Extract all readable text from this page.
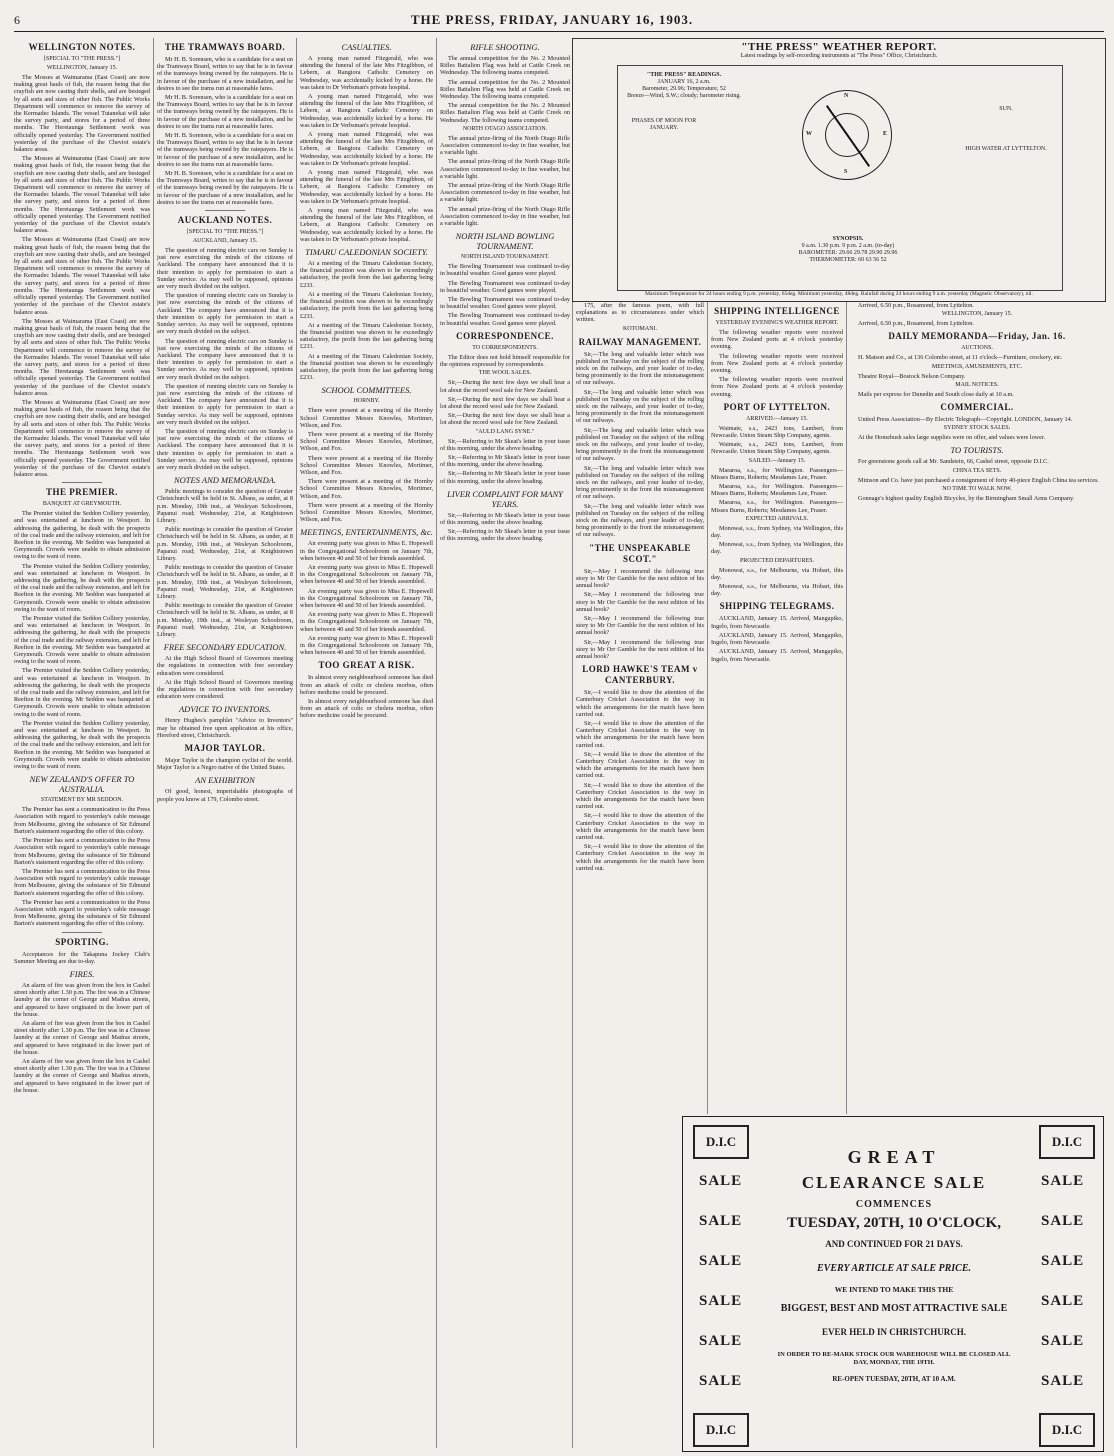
6	THE PRESS, FRIDAY, JANUARY 16, 1903.
WELLINGTON NOTES.
[SPECIAL TO "THE PRESS."]
WELLINGTON, January 15.

The Mosses at Waimarama (East Coast) are now making great hauls of fish, the reason being that the crayfish are now casting their shells, and are besieged by all sorts and sizes of other fish. The Public Works Department will commence to remove the survey of the Kermadec Islands. The vessel Tutanekai will take the survey party, and stores for a period of three months. The Heretaunga Settlement work was officially opened yesterday. The Government notified yesterday of the purchase of the Cheviot estate's balance areas.

The Mosses at Waimarama (East Coast) are now making great hauls of fish, the reason being that the crayfish are now casting their shells, and are besieged by all sorts and sizes of other fish. The Public Works Department will commence to remove the survey of the Kermadec Islands. The vessel Tutanekai will take the survey party, and stores for a period of three months. The Heretaunga Settlement work was officially opened yesterday. The Government notified yesterday of the purchase of the Cheviot estate's balance areas.

The Mosses at Waimarama (East Coast) are now making great hauls of fish, the reason being that the crayfish are now casting their shells, and are besieged by all sorts and sizes of other fish. The Public Works Department will commence to remove the survey of the Kermadec Islands. The vessel Tutanekai will take the survey party, and stores for a period of three months. The Heretaunga Settlement work was officially opened yesterday. The Government notified yesterday of the purchase of the Cheviot estate's balance areas.

The Mosses at Waimarama (East Coast) are now making great hauls of fish, the reason being that the crayfish are now casting their shells, and are besieged by all sorts and sizes of other fish. The Public Works Department will commence to remove the survey of the Kermadec Islands. The vessel Tutanekai will take the survey party, and stores for a period of three months. The Heretaunga Settlement work was officially opened yesterday. The Government notified yesterday of the purchase of the Cheviot estate's balance areas.

The Mosses at Waimarama (East Coast) are now making great hauls of fish, the reason being that the crayfish are now casting their shells, and are besieged by all sorts and sizes of other fish. The Public Works Department will commence to remove the survey of the Kermadec Islands. The vessel Tutanekai will take the survey party, and stores for a period of three months. The Heretaunga Settlement work was officially opened yesterday. The Government notified yesterday of the purchase of the Cheviot estate's balance areas.

THE PREMIER.
BANQUET AT GREYMOUTH.

The Premier visited the Seddon Colliery yesterday, and was entertained at luncheon in Westport. In addressing the gathering, he dealt with the prospects of the coal trade and the railway extension, and left for Reefton in the evening. Mr Seddon was banqueted at Greymouth. Crowds were unable to obtain admission owing to the want of room.

The Premier visited the Seddon Colliery yesterday, and was entertained at luncheon in Westport. In addressing the gathering, he dealt with the prospects of the coal trade and the railway extension, and left for Reefton in the evening. Mr Seddon was banqueted at Greymouth. Crowds were unable to obtain admission owing to the want of room.

The Premier visited the Seddon Colliery yesterday, and was entertained at luncheon in Westport. In addressing the gathering, he dealt with the prospects of the coal trade and the railway extension, and left for Reefton in the evening. Mr Seddon was banqueted at Greymouth. Crowds were unable to obtain admission owing to the want of room.

The Premier visited the Seddon Colliery yesterday, and was entertained at luncheon in Westport. In addressing the gathering, he dealt with the prospects of the coal trade and the railway extension, and left for Reefton in the evening. Mr Seddon was banqueted at Greymouth. Crowds were unable to obtain admission owing to the want of room.

The Premier visited the Seddon Colliery yesterday, and was entertained at luncheon in Westport. In addressing the gathering, he dealt with the prospects of the coal trade and the railway extension, and left for Reefton in the evening. Mr Seddon was banqueted at Greymouth. Crowds were unable to obtain admission owing to the want of room.

NEW ZEALAND'S OFFER TO AUSTRALIA.
STATEMENT BY MR SEDDON.

The Premier has sent a communication to the Press Association with regard to yesterday's cable message from Melbourne, giving the substance of Sir Edmund Barton's statement regarding the offer of this colony.

The Premier has sent a communication to the Press Association with regard to yesterday's cable message from Melbourne, giving the substance of Sir Edmund Barton's statement regarding the offer of this colony.

The Premier has sent a communication to the Press Association with regard to yesterday's cable message from Melbourne, giving the substance of Sir Edmund Barton's statement regarding the offer of this colony.

The Premier has sent a communication to the Press Association with regard to yesterday's cable message from Melbourne, giving the substance of Sir Edmund Barton's statement regarding the offer of this colony.

SPORTING.

Acceptances for the Takapuna Jockey Club's Summer Meeting are due to-day.

FIRES.

An alarm of fire was given from the box in Cashel street shortly after 1.30 p.m. The fire was in a Chinese laundry at the corner of George and Madras streets, and appeared to have originated in the lower part of the house.

An alarm of fire was given from the box in Cashel street shortly after 1.30 p.m. The fire was in a Chinese laundry at the corner of George and Madras streets, and appeared to have originated in the lower part of the house.

An alarm of fire was given from the box in Cashel street shortly after 1.30 p.m. The fire was in a Chinese laundry at the corner of George and Madras streets, and appeared to have originated in the lower part of the house.

THE TRAMWAYS BOARD.

Mr H. B. Sorensen, who is a candidate for a seat on the Tramways Board, writes to say that he is in favour of the tramways being owned by the ratepayers. He is in favour of the purchase of a new installation, and he desires to see the trams run at reasonable fares.

Mr H. B. Sorensen, who is a candidate for a seat on the Tramways Board, writes to say that he is in favour of the tramways being owned by the ratepayers. He is in favour of the purchase of a new installation, and he desires to see the trams run at reasonable fares.

Mr H. B. Sorensen, who is a candidate for a seat on the Tramways Board, writes to say that he is in favour of the tramways being owned by the ratepayers. He is in favour of the purchase of a new installation, and he desires to see the trams run at reasonable fares.

Mr H. B. Sorensen, who is a candidate for a seat on the Tramways Board, writes to say that he is in favour of the tramways being owned by the ratepayers. He is in favour of the purchase of a new installation, and he desires to see the trams run at reasonable fares.

AUCKLAND NOTES.
[SPECIAL TO "THE PRESS."]
AUCKLAND, January 15.

The question of running electric cars on Sunday is just now exercising the minds of the citizens of Auckland. The company have announced that it is their intention to apply for permission to start a Sunday service. As may well be supposed, opinions are very much divided on the subject.

The question of running electric cars on Sunday is just now exercising the minds of the citizens of Auckland. The company have announced that it is their intention to apply for permission to start a Sunday service. As may well be supposed, opinions are very much divided on the subject.

The question of running electric cars on Sunday is just now exercising the minds of the citizens of Auckland. The company have announced that it is their intention to apply for permission to start a Sunday service. As may well be supposed, opinions are very much divided on the subject.

The question of running electric cars on Sunday is just now exercising the minds of the citizens of Auckland. The company have announced that it is their intention to apply for permission to start a Sunday service. As may well be supposed, opinions are very much divided on the subject.

The question of running electric cars on Sunday is just now exercising the minds of the citizens of Auckland. The company have announced that it is their intention to apply for permission to start a Sunday service. As may well be supposed, opinions are very much divided on the subject.

NOTES AND MEMORANDA.

Public meetings to consider the question of Greater Christchurch will be held in St. Albans, as under, at 8 p.m. Monday, 19th inst., at Wesleyan Schoolroom, Papanui road; Wednesday, 21st, at Knightstown Library.

Public meetings to consider the question of Greater Christchurch will be held in St. Albans, as under, at 8 p.m. Monday, 19th inst., at Wesleyan Schoolroom, Papanui road; Wednesday, 21st, at Knightstown Library.

Public meetings to consider the question of Greater Christchurch will be held in St. Albans, as under, at 8 p.m. Monday, 19th inst., at Wesleyan Schoolroom, Papanui road; Wednesday, 21st, at Knightstown Library.

Public meetings to consider the question of Greater Christchurch will be held in St. Albans, as under, at 8 p.m. Monday, 19th inst., at Wesleyan Schoolroom, Papanui road; Wednesday, 21st, at Knightstown Library.

FREE SECONDARY EDUCATION.

At the High School Board of Governors meeting the regulations in connection with free secondary education were considered.

At the High School Board of Governors meeting the regulations in connection with free secondary education were considered.

ADVICE TO INVENTORS.

Henry Hughes's pamphlet "Advice to Inventors" may be obtained free upon application at his office, Hereford street, Christchurch.

MAJOR TAYLOR.

Major Taylor is the champion cyclist of the world. Major Taylor is a Negro native of the United States.

AN EXHIBITION

Of good, honest, imperishable photographs of people you know at 179, Colombo street.

CASUALTIES.

A young man named Fitzgerald, who was attending the funeral of the late Mrs Fitzgibbon, of Lebern, at Rangiora Catholic Cemetery on Wednesday, was accidentally kicked by a horse. He was taken to Dr Verbsman's private hospital.

A young man named Fitzgerald, who was attending the funeral of the late Mrs Fitzgibbon, of Lebern, at Rangiora Catholic Cemetery on Wednesday, was accidentally kicked by a horse. He was taken to Dr Verbsman's private hospital.

A young man named Fitzgerald, who was attending the funeral of the late Mrs Fitzgibbon, of Lebern, at Rangiora Catholic Cemetery on Wednesday, was accidentally kicked by a horse. He was taken to Dr Verbsman's private hospital.

A young man named Fitzgerald, who was attending the funeral of the late Mrs Fitzgibbon, of Lebern, at Rangiora Catholic Cemetery on Wednesday, was accidentally kicked by a horse. He was taken to Dr Verbsman's private hospital.

A young man named Fitzgerald, who was attending the funeral of the late Mrs Fitzgibbon, of Lebern, at Rangiora Catholic Cemetery on Wednesday, was accidentally kicked by a horse. He was taken to Dr Verbsman's private hospital.

TIMARU CALEDONIAN SOCIETY.

At a meeting of the Timaru Caledonian Society, the financial position was shown to be exceedingly satisfactory, the profit from the last gathering being £233.

At a meeting of the Timaru Caledonian Society, the financial position was shown to be exceedingly satisfactory, the profit from the last gathering being £233.

At a meeting of the Timaru Caledonian Society, the financial position was shown to be exceedingly satisfactory, the profit from the last gathering being £233.

At a meeting of the Timaru Caledonian Society, the financial position was shown to be exceedingly satisfactory, the profit from the last gathering being £233.

SCHOOL COMMITTEES.
HORNBY.

There were present at a meeting of the Hornby School Committee Messrs Knowles, Mortimer, Wilson, and Fox.

There were present at a meeting of the Hornby School Committee Messrs Knowles, Mortimer, Wilson, and Fox.

There were present at a meeting of the Hornby School Committee Messrs Knowles, Mortimer, Wilson, and Fox.

There were present at a meeting of the Hornby School Committee Messrs Knowles, Mortimer, Wilson, and Fox.

There were present at a meeting of the Hornby School Committee Messrs Knowles, Mortimer, Wilson, and Fox.

MEETINGS, ENTERTAINMENTS, &c.

An evening party was given to Miss E. Hopewell in the Congregational Schoolroom on January 7th, when between 40 and 50 of her friends assembled.

An evening party was given to Miss E. Hopewell in the Congregational Schoolroom on January 7th, when between 40 and 50 of her friends assembled.

An evening party was given to Miss E. Hopewell in the Congregational Schoolroom on January 7th, when between 40 and 50 of her friends assembled.

An evening party was given to Miss E. Hopewell in the Congregational Schoolroom on January 7th, when between 40 and 50 of her friends assembled.

An evening party was given to Miss E. Hopewell in the Congregational Schoolroom on January 7th, when between 40 and 50 of her friends assembled.

TOO GREAT A RISK.

In almost every neighbourhood someone has died from an attack of colic or cholera morbus, often before medicine could be procured.

In almost every neighbourhood someone has died from an attack of colic or cholera morbus, often before medicine could be procured.

RIFLE SHOOTING.

The annual competition for the No. 2 Mounted Rifles Battalion Flag was held at Cattle Creek on Wednesday. The following teams competed.

The annual competition for the No. 2 Mounted Rifles Battalion Flag was held at Cattle Creek on Wednesday. The following teams competed.

The annual competition for the No. 2 Mounted Rifles Battalion Flag was held at Cattle Creek on Wednesday. The following teams competed.

NORTH OTAGO ASSOCIATION.

The annual prize-firing of the North Otago Rifle Association commenced to-day in fine weather, but a variable light.

The annual prize-firing of the North Otago Rifle Association commenced to-day in fine weather, but a variable light.

The annual prize-firing of the North Otago Rifle Association commenced to-day in fine weather, but a variable light.

The annual prize-firing of the North Otago Rifle Association commenced to-day in fine weather, but a variable light.

NORTH ISLAND BOWLING TOURNAMENT.
NORTH ISLAND TOURNAMENT.

The Bowling Tournament was continued to-day in beautiful weather. Good games were played.

The Bowling Tournament was continued to-day in beautiful weather. Good games were played.

The Bowling Tournament was continued to-day in beautiful weather. Good games were played.

The Bowling Tournament was continued to-day in beautiful weather. Good games were played.

CORRESPONDENCE.
TO CORRESPONDENTS.

The Editor does not hold himself responsible for the opinions expressed by correspondents.

THE WOOL SALES.

Sir,—During the next few days we shall hear a lot about the record wool sale for New Zealand.

Sir,—During the next few days we shall hear a lot about the record wool sale for New Zealand.

Sir,—During the next few days we shall hear a lot about the record wool sale for New Zealand.

"AULD LANG SYNE."

Sir,—Referring to Mr Skeat's letter in your issue of this morning, under the above heading.

Sir,—Referring to Mr Skeat's letter in your issue of this morning, under the above heading.

Sir,—Referring to Mr Skeat's letter in your issue of this morning, under the above heading.

LIVER COMPLAINT FOR MANY YEARS.

Sir,—Referring to Mr Skeat's letter in your issue of this morning, under the above heading.

Sir,—Referring to Mr Skeat's letter in your issue of this morning, under the above heading.

"THE PRESS" WEATHER REPORT.
Latest readings by self-recording instruments at "The Press" Office, Christchurch.
"THE PRESS" READINGS.
JANUARY 16, 2 a.m.
Barometer, 29.96; Temperature, 52
Breeze—Wind, S.W.; cloudy; barometer rising.
PHASES OF MOON FOR JANUARY.
SUN.
HIGH WATER AT LYTTELTON.
N
S
E
W
SYNOPSIS.
9 a.m. 1.30 p.m. 9 p.m. 2 a.m. (to-day)
BAROMETER: 29.66 29.78 29.90 29.96
THERMOMETER: 60 63 56 52
Maximum Temperature for 24 hours ending 9 p.m. yesterday, 65deg. Minimum yesterday, 48deg. Rainfall during 24 hours ending 9 a.m. yesterday (Magnetic Observatory), nil.

175, after the famous poem, with full explanations as to circumstances under which written.

KOTOMANI.
RAILWAY MANAGEMENT.

Sir,—The long and valuable letter which was published on Tuesday on the subject of the rolling stock on the railways, and your leader of to-day, bring prominently to the front the mismanagement of our railways.

Sir,—The long and valuable letter which was published on Tuesday on the subject of the rolling stock on the railways, and your leader of to-day, bring prominently to the front the mismanagement of our railways.

Sir,—The long and valuable letter which was published on Tuesday on the subject of the rolling stock on the railways, and your leader of to-day, bring prominently to the front the mismanagement of our railways.

Sir,—The long and valuable letter which was published on Tuesday on the subject of the rolling stock on the railways, and your leader of to-day, bring prominently to the front the mismanagement of our railways.

Sir,—The long and valuable letter which was published on Tuesday on the subject of the rolling stock on the railways, and your leader of to-day, bring prominently to the front the mismanagement of our railways.

"THE UNSPEAKABLE SCOT."

Sir,—May I recommend the following true story to Mr Orr Gamble for the next edition of his annual book?

Sir,—May I recommend the following true story to Mr Orr Gamble for the next edition of his annual book?

Sir,—May I recommend the following true story to Mr Orr Gamble for the next edition of his annual book?

Sir,—May I recommend the following true story to Mr Orr Gamble for the next edition of his annual book?

LORD HAWKE'S TEAM v CANTERBURY.

Sir,—I would like to draw the attention of the Canterbury Cricket Association to the way in which the arrangements for the match have been carried out.

Sir,—I would like to draw the attention of the Canterbury Cricket Association to the way in which the arrangements for the match have been carried out.

Sir,—I would like to draw the attention of the Canterbury Cricket Association to the way in which the arrangements for the match have been carried out.

Sir,—I would like to draw the attention of the Canterbury Cricket Association to the way in which the arrangements for the match have been carried out.

Sir,—I would like to draw the attention of the Canterbury Cricket Association to the way in which the arrangements for the match have been carried out.

Sir,—I would like to draw the attention of the Canterbury Cricket Association to the way in which the arrangements for the match have been carried out.

SHIPPING INTELLIGENCE
YESTERDAY EVENING'S WEATHER REPORT.

The following weather reports were received from New Zealand ports at 4 o'clock yesterday evening.

The following weather reports were received from New Zealand ports at 4 o'clock yesterday evening.

The following weather reports were received from New Zealand ports at 4 o'clock yesterday evening.

PORT OF LYTTELTON.
ARRIVED.—January 15.

Waimate, s.s., 2423 tons, Lambert, from Newcastle. Union Steam Ship Company, agents.

Waimate, s.s., 2423 tons, Lambert, from Newcastle. Union Steam Ship Company, agents.

SAILED.—January 15.

Mararoa, s.s., for Wellington. Passengers—Misses Burns, Roberts; Mesdames Lee, Fraser.

Mararoa, s.s., for Wellington. Passengers—Misses Burns, Roberts; Mesdames Lee, Fraser.

Mararoa, s.s., for Wellington. Passengers—Misses Burns, Roberts; Mesdames Lee, Fraser.

EXPECTED ARRIVALS.

Monowai, s.s., from Sydney, via Wellington, this day.

Monowai, s.s., from Sydney, via Wellington, this day.

PROJECTED DEPARTURES.

Monowai, s.s., for Melbourne, via Hobart, this day.

Monowai, s.s., for Melbourne, via Hobart, this day.

SHIPPING TELEGRAMS.

AUCKLAND, January 15. Arrived, Mangapiko, Ingelo, from Newcastle.

AUCKLAND, January 15. Arrived, Mangapiko, Ingelo, from Newcastle.

AUCKLAND, January 15. Arrived, Mangapiko, Ingelo, from Newcastle.

Arrived, 6.50 p.m., Rosamond, from Lyttelton.

WELLINGTON, January 15.

Arrived, 6.50 p.m., Rosamond, from Lyttelton.

DAILY MEMORANDA—Friday, Jan. 16.
AUCTIONS.

H. Matson and Co., at 136 Colombo street, at 11 o'clock—Furniture, crockery, etc.

MEETINGS, AMUSEMENTS, ETC.

Theatre Royal—Bostock Nelson Company.

MAIL NOTICES.

Mails per express for Dunedin and South close daily at 10 a.m.

COMMERCIAL.

United Press Association—By Electric Telegraph—Copyright. LONDON, January 14.

SYDNEY STOCK SALES.

At the Homebush sales large supplies were on offer, and values were lower.

TO TOURISTS.

For greenstone goods call at Mr. Sandstein, 66, Cashel street, opposite D.I.C.

CHINA TEA SETS.

Mimson and Co. have just purchased a consignment of forty 40-piece English China tea services.

NO TIME TO WALK NOW.

Gonnage's highest quality English Bicycles, by the Birmingham Small Arms Company.

D.I.C	D.I.C
D.I.C	D.I.C
SALE
SALE
SALE
SALE
SALE
SALE
SALE
SALE
SALE
SALE
SALE
SALE
GREAT
CLEARANCE SALE
COMMENCES
TUESDAY, 20TH, 10 O'CLOCK,
AND CONTINUED FOR 21 DAYS.
EVERY ARTICLE AT SALE PRICE.
WE INTEND TO MAKE THIS THE
BIGGEST, BEST AND MOST ATTRACTIVE SALE
EVER HELD IN CHRISTCHURCH.
IN ORDER TO RE-MARK STOCK OUR WAREHOUSE WILL BE CLOSED ALL DAY, MONDAY, THE 19TH.
RE-OPEN TUESDAY, 20TH, AT 10 A.M.
